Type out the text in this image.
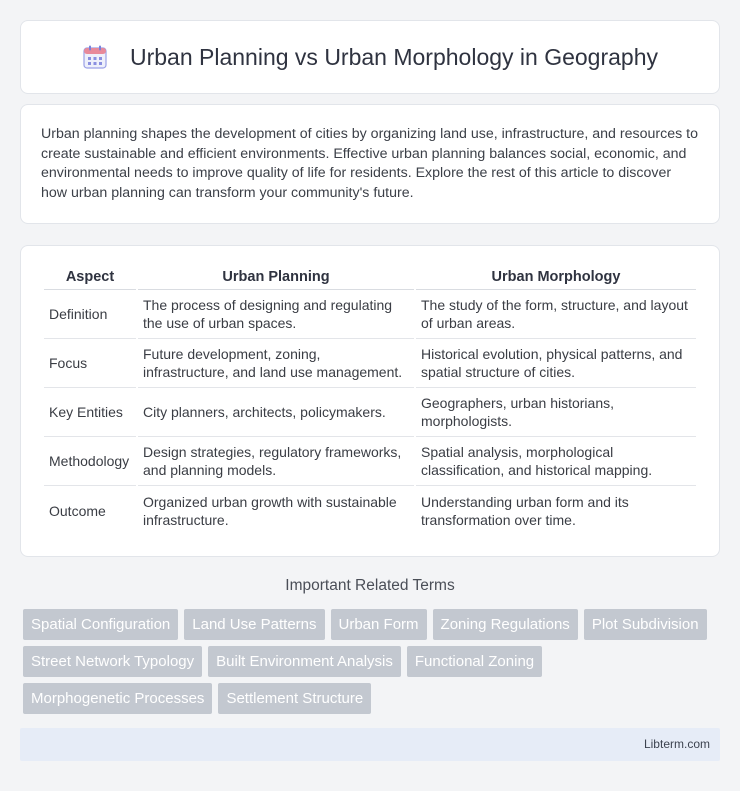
Urban Planning vs Urban Morphology in Geography

Urban planning shapes the development of cities by organizing land use, infrastructure, and resources to create sustainable and efficient environments. Effective urban planning balances social, economic, and environmental needs to improve quality of life for residents. Explore the rest of this article to discover how urban planning can transform your community's future.

Aspect	Urban Planning	Urban Morphology
Definition	The process of designing and regulating the use of urban spaces.	The study of the form, structure, and layout of urban areas.
Focus	Future development, zoning, infrastructure, and land use management.	Historical evolution, physical patterns, and spatial structure of cities.
Key Entities	City planners, architects, policymakers.	Geographers, urban historians, morphologists.
Methodology	Design strategies, regulatory frameworks, and planning models.	Spatial analysis, morphological classification, and historical mapping.
Outcome	Organized urban growth with sustainable infrastructure.	Understanding urban form and its transformation over time.
Important Related Terms
Spatial Configuration	Land Use Patterns	Urban Form	Zoning Regulations	Plot Subdivision
Street Network Typology	Built Environment Analysis	Functional Zoning
Morphogenetic Processes	Settlement Structure
Libterm.com
